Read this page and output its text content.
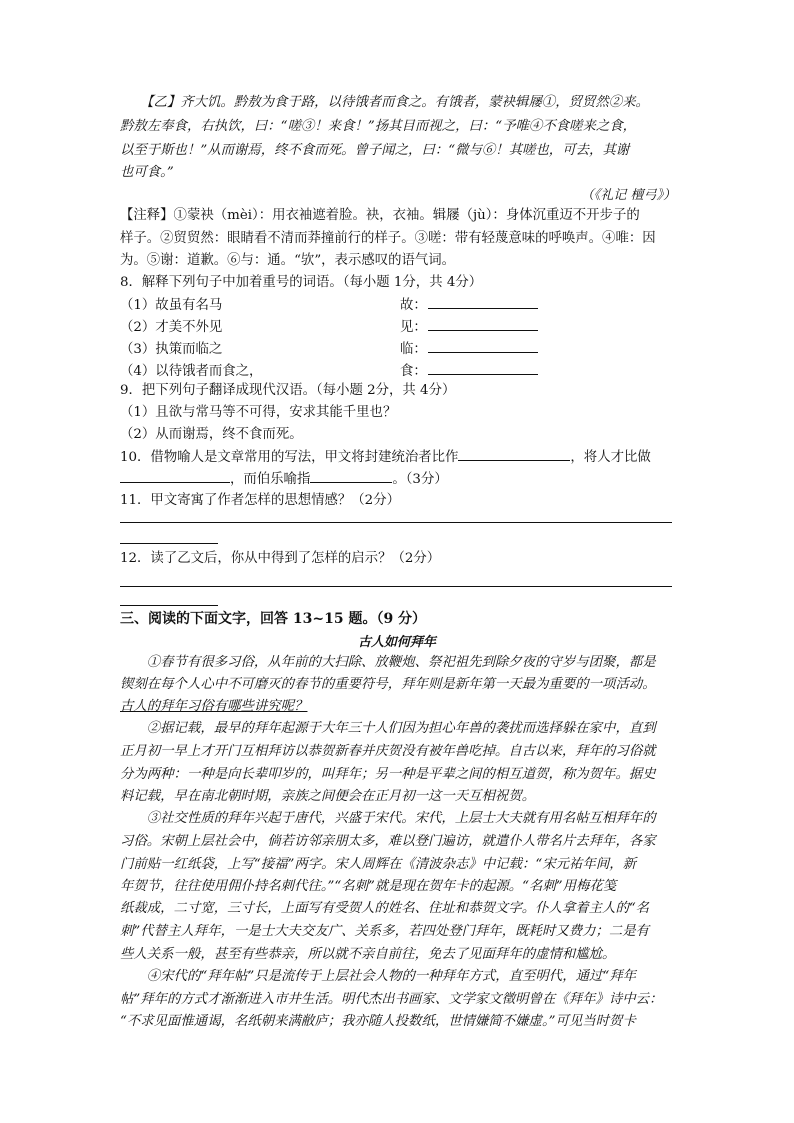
　　【乙】齐大饥。黔敖为食于路，以待饿者而食之。有饿者，蒙袂辑屦①，贸贸然②来。
黔敖左奉食，右执饮，曰：“嗟③！来食！”扬其目而视之，曰：“予唯④不食嗟来之食，
以至于斯也！”从而谢焉，终不食而死。曾子闻之，曰：“微与⑥！其嗟也，可去，其谢
也可食。”
（《礼记 檀弓》）
【注释】①蒙袂（mèi）：用衣袖遮着脸。袂，衣袖。辑屦（jù）：身体沉重迈不开步子的
样子。②贸贸然：眼睛看不清而莽撞前行的样子。③嗟：带有轻蔑意味的呼唤声。④唯：因
为。⑤谢：道歉。⑥与：通。“欤”，表示感叹的语气词。
8．解释下列句子中加着重号的词语。（每小题 1分，共 4分）
（1）故虽有名马	故：
（2）才美不外见	见：
（3）执策而临之	临：
（4）以待饿者而食之，	食：
9．把下列句子翻译成现代汉语。（每小题 2分，共 4分）
（1）且欲与常马等不可得，安求其能千里也？
（2）从而谢焉，终不食而死。
10．借物喻人是文章常用的写法，甲文将封建统治者比作	，将人才比做
，而伯乐喻指	。（3分）
11．甲文寄寓了作者怎样的思想情感？（2分）
12．读了乙文后，你从中得到了怎样的启示？（2分）
三、阅读的下面文字，回答 13~15 题。（9 分）
古人如何拜年
　　①春节有很多习俗，从年前的大扫除、放鞭炮、祭祀祖先到除夕夜的守岁与团聚，都是
锲刻在每个人心中不可磨灭的春节的重要符号，拜年则是新年第一天最为重要的一项活动。
古人的拜年习俗有哪些讲究呢？
　　②据记载，最早的拜年起源于大年三十人们因为担心年兽的袭扰而选择躲在家中，直到
正月初一早上才开门互相拜访以恭贺新春并庆贺没有被年兽吃掉。自古以来，拜年的习俗就
分为两种：一种是向长辈叩岁的，叫拜年；另一种是平辈之间的相互道贺，称为贺年。据史
料记载，早在南北朝时期，亲族之间便会在正月初一这一天互相祝贺。
　　③社交性质的拜年兴起于唐代，兴盛于宋代。宋代，上层士大夫就有用名帖互相拜年的
习俗。宋朝上层社会中，倘若访邻亲朋太多，难以登门遍访，就遣仆人带名片去拜年，各家
门前贴一红纸袋，上写“接福”两字。宋人周辉在《清波杂志》中记载：“宋元祐年间，新
年贺节，往往使用佣仆持名刺代往。”“名刺”就是现在贺年卡的起源。“名刺”用梅花笺
纸裁成，二寸宽，三寸长，上面写有受贺人的姓名、住址和恭贺文字。仆人拿着主人的“名
刺”代替主人拜年，一是士大夫交友广、关系多，若四处登门拜年，既耗时又费力；二是有
些人关系一般，甚至有些恭亲，所以就不亲自前往，免去了见面拜年的虚情和尴尬。
　　④宋代的“拜年帖”只是流传于上层社会人物的一种拜年方式，直至明代，通过“拜年
帖”拜年的方式才渐渐进入市井生活。明代杰出书画家、文学家文徵明曾在《拜年》诗中云：
“不求见面惟通谒，名纸朝来满敝庐；我亦随人投数纸，世情嫌简不嫌虚。”可见当时贺卡
